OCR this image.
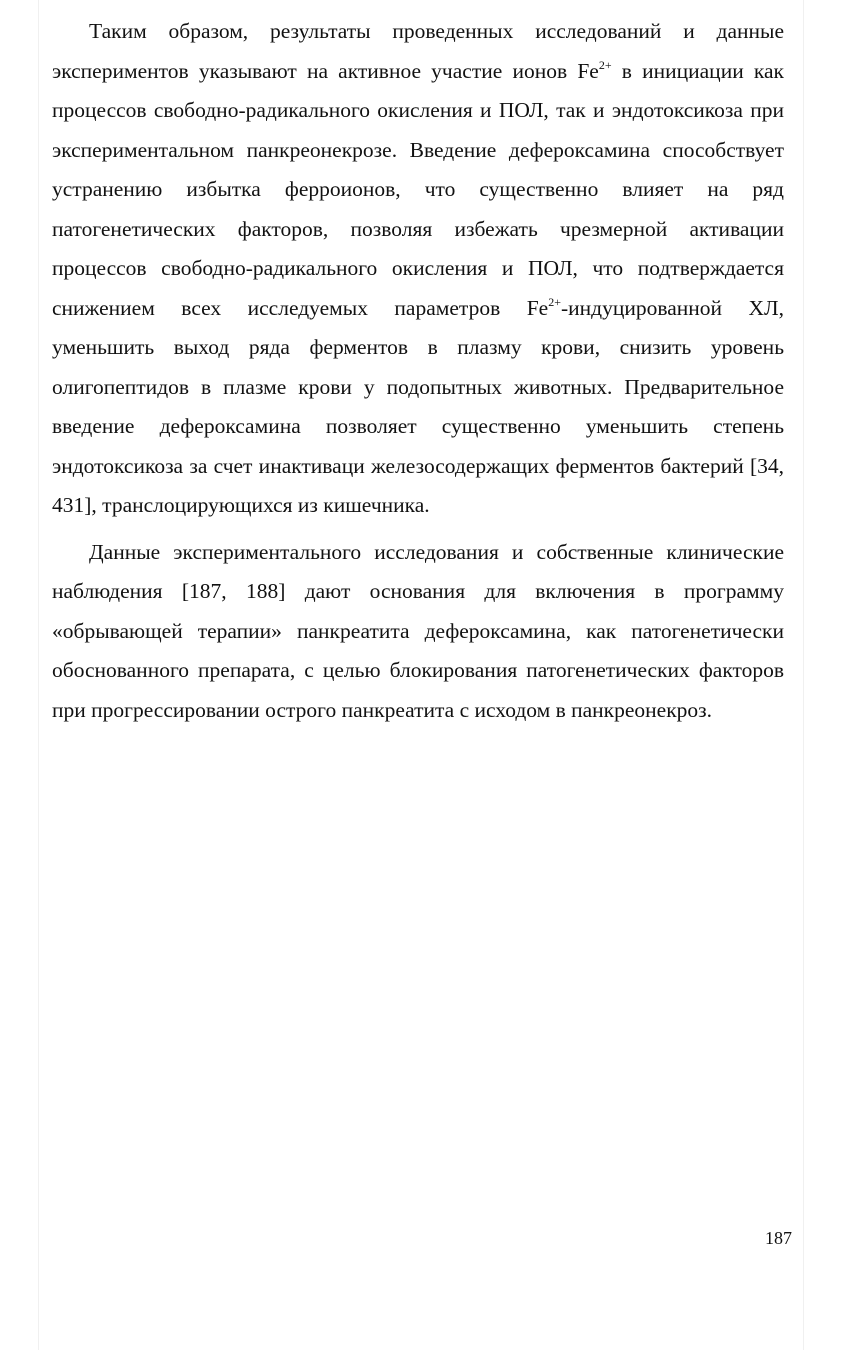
Таким образом, результаты проведенных исследований и данные экспериментов указывают на активное участие ионов $Fe^{2+}$ в инициации как процессов свободно-радикального окисления и ПОЛ, так и эндотоксикоза при экспериментальном панкреонекрозе. Введение дефероксамина способствует устранению избытка ферроионов, что существенно влияет на ряд патогенетических факторов, позволяя избежать чрезмерной активации процессов свободно-радикального окисления и ПОЛ, что подтверждается снижением всех исследуемых параметров $Fe^{2+}$-индуцированной ХЛ, уменьшить выход ряда ферментов в плазму крови, снизить уровень олигопептидов в плазме крови у подопытных животных. Предварительное введение дефероксамина позволяет существенно уменьшить степень эндотоксикоза за счет инактиваци железосодержащих ферментов бактерий [34, 431], транслоцирующихся из кишечника.

Данные экспериментального исследования и собственные клинические наблюдения [187, 188] дают основания для включения в программу «обрывающей терапии» панкреатита дефероксамина, как патогенетически обоснованного препарата, с целью блокирования патогенетических факторов при прогрессировании острого панкреатита с исходом в панкреонекроз.

187
